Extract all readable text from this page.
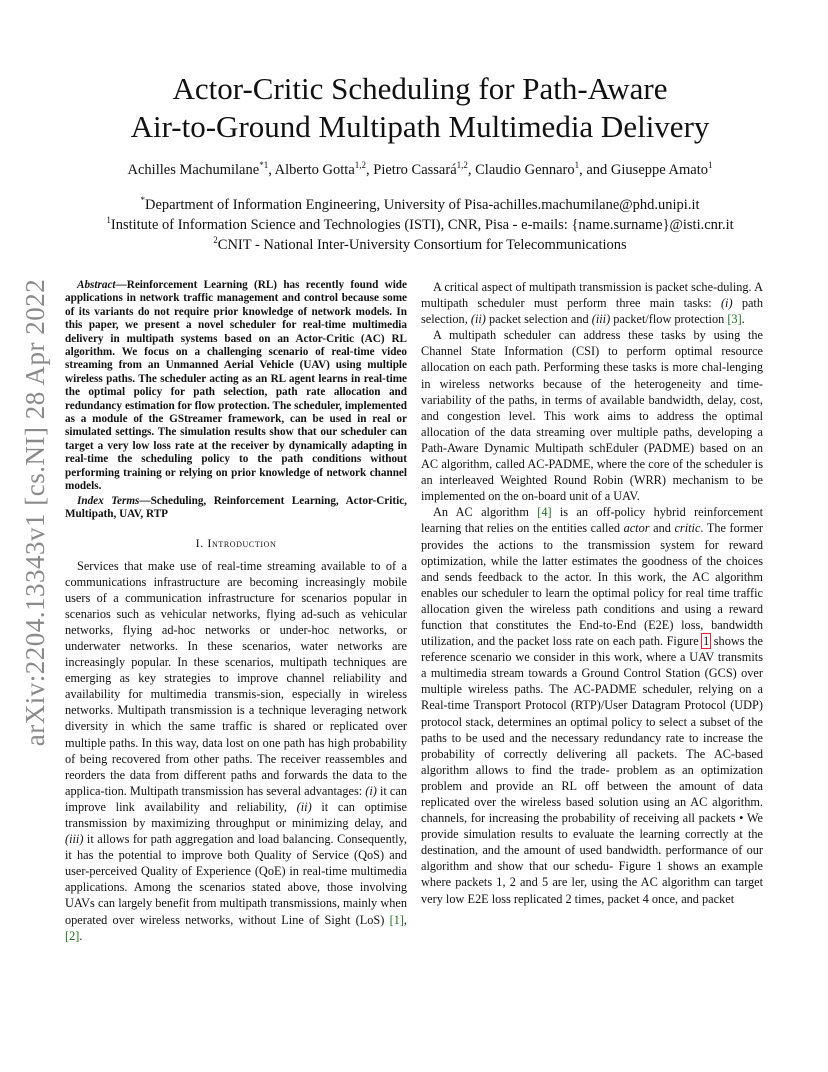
arXiv:2204.13343v1 [cs.NI] 28 Apr 2022
Actor-Critic Scheduling for Path-Aware
Air-to-Ground Multipath Multimedia Delivery
Achilles Machumilane$^{*1}$, Alberto Gotta$^{1,2}$, Pietro Cassará$^{1,2}$, Claudio Gennaro$^1$, and Giuseppe Amato$^1$
*Department of Information Engineering, University of Pisa-achilles.machumilane@phd.unipi.it
$^1$Institute of Information Science and Technologies (ISTI), CNR, Pisa - e-mails: {name.surname}@isti.cnr.it
$^2$CNIT - National Inter-University Consortium for Telecommunications

Abstract—Reinforcement Learning (RL) has recently found wide applications in network traffic management and control because some of its variants do not require prior knowledge of network models. In this paper, we present a novel scheduler for real-time multimedia delivery in multipath systems based on an Actor-Critic (AC) RL algorithm. We focus on a challenging scenario of real-time video streaming from an Unmanned Aerial Vehicle (UAV) using multiple wireless paths. The scheduler acting as an RL agent learns in real-time the optimal policy for path selection, path rate allocation and redundancy estimation for flow protection. The scheduler, implemented as a module of the GStreamer framework, can be used in real or simulated settings. The simulation results show that our scheduler can target a very low loss rate at the receiver by dynamically adapting in real-time the scheduling policy to the path conditions without performing training or relying on prior knowledge of network channel models.

Index Terms—Scheduling, Reinforcement Learning, Actor-Critic, Multipath, UAV, RTP

I. Introduction

Services that make use of real-time streaming available to of a communications infrastructure are becoming increasingly mobile users of a communication infrastructure for scenarios popular in scenarios such as vehicular networks, flying ad-such as vehicular networks, flying ad-hoc networks or under-hoc networks, or underwater networks. In these scenarios, water networks are increasingly popular. In these scenarios, multipath techniques are emerging as key strategies to improve channel reliability and availability for multimedia transmis-sion, especially in wireless networks. Multipath transmission is a technique leveraging network diversity in which the same traffic is shared or replicated over multiple paths. In this way, data lost on one path has high probability of being recovered from other paths. The receiver reassembles and reorders the data from different paths and forwards the data to the applica-tion. Multipath transmission has several advantages: (i) it can improve link availability and reliability, (ii) it can optimise transmission by maximizing throughput or minimizing delay, and (iii) it allows for path aggregation and load balancing. Consequently, it has the potential to improve both Quality of Service (QoS) and user-perceived Quality of Experience (QoE) in real-time multimedia applications. Among the scenarios stated above, those involving UAVs can largely benefit from multipath transmissions, mainly when operated over wireless networks, without Line of Sight (LoS) [1], [2].

A critical aspect of multipath transmission is packet sche-duling. A multipath scheduler must perform three main tasks: (i) path selection, (ii) packet selection and (iii) packet/flow protection [3].

A multipath scheduler can address these tasks by using the Channel State Information (CSI) to perform optimal resource allocation on each path. Performing these tasks is more chal-lenging in wireless networks because of the heterogeneity and time-variability of the paths, in terms of available bandwidth, delay, cost, and congestion level. This work aims to address the optimal allocation of the data streaming over multiple paths, developing a Path-Aware Dynamic Multipath schEduler (PADME) based on an AC algorithm, called AC-PADME, where the core of the scheduler is an interleaved Weighted Round Robin (WRR) mechanism to be implemented on the on-board unit of a UAV.

An AC algorithm [4] is an off-policy hybrid reinforcement learning that relies on the entities called actor and critic. The former provides the actions to the transmission system for reward optimization, while the latter estimates the goodness of the choices and sends feedback to the actor. In this work, the AC algorithm enables our scheduler to learn the optimal policy for real time traffic allocation given the wireless path conditions and using a reward function that constitutes the End-to-End (E2E) loss, bandwidth utilization, and the packet loss rate on each path. Figure 1 shows the reference scenario we consider in this work, where a UAV transmits a multimedia stream towards a Ground Control Station (GCS) over multiple wireless paths. The AC-PADME scheduler, relying on a Real-time Transport Protocol (RTP)/User Datagram Protocol (UDP) protocol stack, determines an optimal policy to select a subset of the paths to be used and the necessary redundancy rate to increase the probability of correctly delivering all packets. The AC-based algorithm allows to find the trade- problem as an optimization problem and provide an RL off between the amount of data replicated over the wireless based solution using an AC algorithm. channels, for increasing the probability of receiving all packets • We provide simulation results to evaluate the learning correctly at the destination, and the amount of used bandwidth. performance of our algorithm and show that our schedu- Figure 1 shows an example where packets 1, 2 and 5 are ler, using the AC algorithm can target very low E2E loss replicated 2 times, packet 4 once, and packet
